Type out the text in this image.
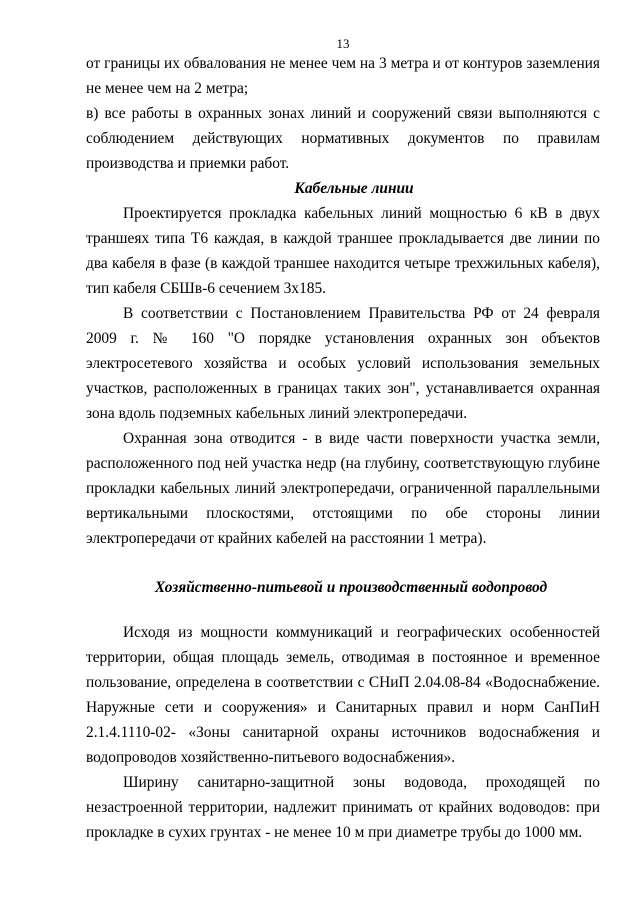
13

от границы их обвалования не менее чем на 3 метра и от контуров заземления не менее чем на 2 метра;

в) все работы в охранных зонах линий и сооружений связи выполняются с соблюдением действующих нормативных документов по правилам производства и приемки работ.

Кабельные линии

Проектируется прокладка кабельных линий мощностью 6 кВ в двух траншеях типа Т6 каждая, в каждой траншее прокладывается две линии по два кабеля в фазе (в каждой траншее находится четыре трехжильных кабеля), тип кабеля СБШв-6 сечением 3х185.

В соответствии с Постановлением Правительства РФ от 24 февраля 2009 г. № 160 "О порядке установления охранных зон объектов электросетевого хозяйства и особых условий использования земельных участков, расположенных в границах таких зон", устанавливается охранная зона вдоль подземных кабельных линий электропередачи.

Охранная зона отводится - в виде части поверхности участка земли, расположенного под ней участка недр (на глубину, соответствующую глубине прокладки кабельных линий электропередачи, ограниченной параллельными вертикальными плоскостями, отстоящими по обе стороны линии электропередачи от крайних кабелей на расстоянии 1 метра).

Хозяйственно-питьевой и производственный водопровод

Исходя из мощности коммуникаций и географических особенностей территории, общая площадь земель, отводимая в постоянное и временное пользование, определена в соответствии с СНиП 2.04.08-84 «Водоснабжение. Наружные сети и сооружения» и Санитарных правил и норм СанПиН 2.1.4.1110-02- «Зоны санитарной охраны источников водоснабжения и водопроводов хозяйственно-питьевого водоснабжения».

Ширину санитарно-защитной зоны водовода, проходящей по незастроенной территории, надлежит принимать от крайних водоводов: при прокладке в сухих грунтах - не менее 10 м при диаметре трубы до 1000 мм.
